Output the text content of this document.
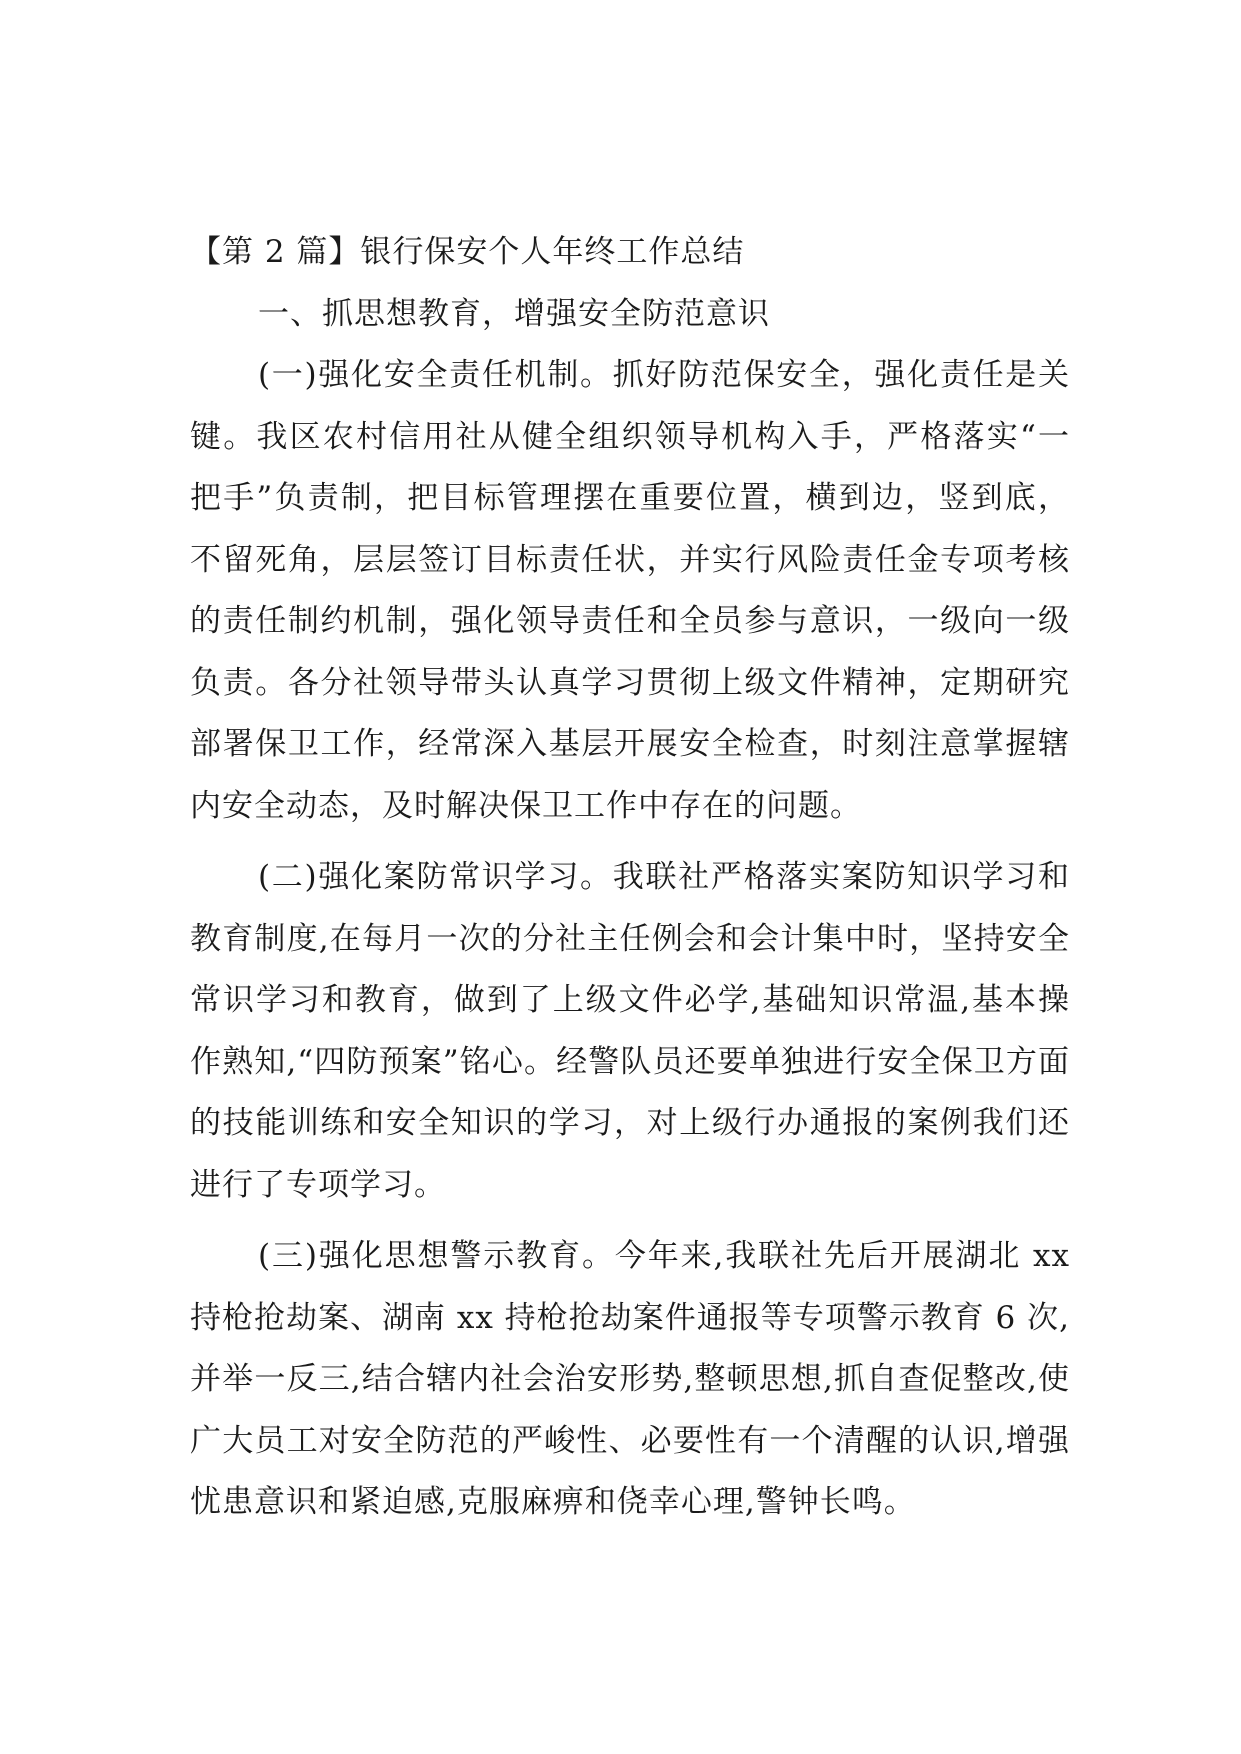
【第 2 篇】银行保安个人年终工作总结

一、抓思想教育，增强安全防范意识

(一)强化安全责任机制。抓好防范保安全，强化责任是关键。我区农村信用社从健全组织领导机构入手，严格落实“一把手”负责制，把目标管理摆在重要位置，横到边，竖到底，不留死角，层层签订目标责任状，并实行风险责任金专项考核的责任制约机制，强化领导责任和全员参与意识，一级向一级负责。各分社领导带头认真学习贯彻上级文件精神，定期研究部署保卫工作，经常深入基层开展安全检查，时刻注意掌握辖内安全动态，及时解决保卫工作中存在的问题。

(二)强化案防常识学习。我联社严格落实案防知识学习和教育制度,在每月一次的分社主任例会和会计集中时，坚持安全常识学习和教育，做到了上级文件必学,基础知识常温,基本操作熟知,“四防预案”铭心。经警队员还要单独进行安全保卫方面的技能训练和安全知识的学习，对上级行办通报的案例我们还进行了专项学习。

(三)强化思想警示教育。今年来,我联社先后开展湖北 xx 持枪抢劫案、湖南 xx 持枪抢劫案件通报等专项警示教育 6 次,并举一反三,结合辖内社会治安形势,整顿思想,抓自查促整改,使广大员工对安全防范的严峻性、必要性有一个清醒的认识,增强忧患意识和紧迫感,克服麻痹和侥幸心理,警钟长鸣。
